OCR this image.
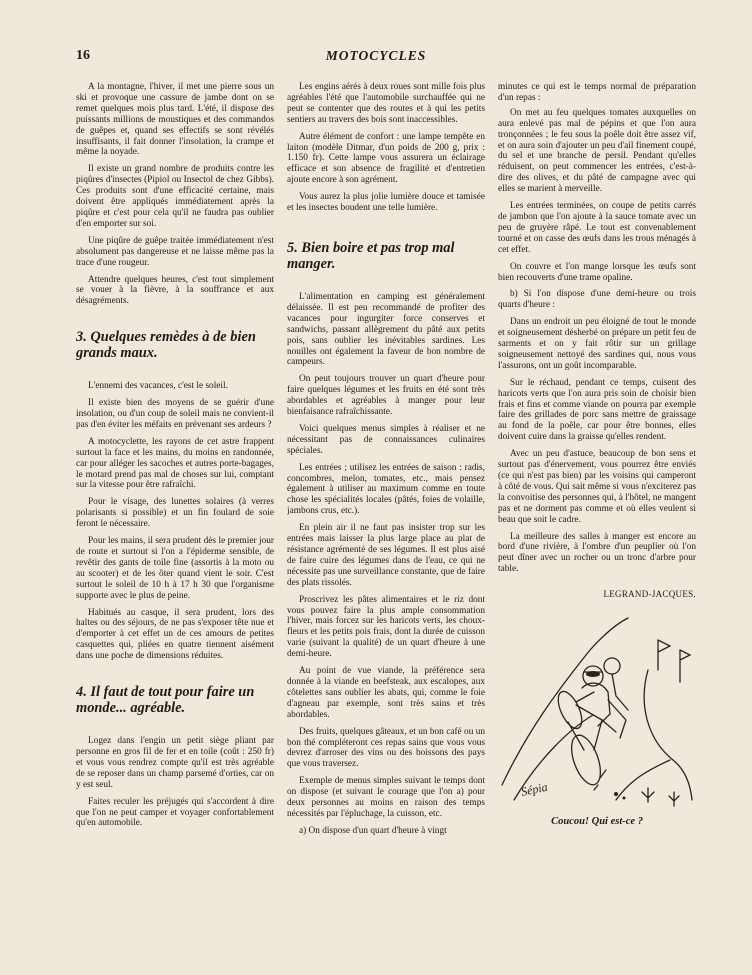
16	MOTOCYCLES

A la montagne, l'hiver, il met une pierre sous un ski et provoque une cassure de jambe dont on se remet quelques mois plus tard. L'été, il dispose des puissants millions de moustiques et des commandos de guêpes et, quand ses effectifs se sont révélés insuffisants, il fait donner l'insolation, la crampe et même la noyade.

Il existe un grand nombre de produits contre les piqûres d'insectes (Pipiol ou Insectol de chez Gibbs). Ces produits sont d'une efficacité certaine, mais doivent être appliqués immédiatement après la piqûre et c'est pour cela qu'il ne faudra pas oublier d'en emporter sur soi.

Une piqûre de guêpe traitée immédiatement n'est absolument pas dangereuse et ne laisse même pas la trace d'une rougeur.

Attendre quelques heures, c'est tout simplement se vouer à la fièvre, à la souffrance et aux désagréments.

3. Quelques remèdes à de bien grands maux.

L'ennemi des vacances, c'est le soleil.

Il existe bien des moyens de se guérir d'une insolation, ou d'un coup de soleil mais ne convient-il pas d'en éviter les méfaits en prévenant ses ardeurs ?

A motocyclette, les rayons de cet astre frappent surtout la face et les mains, du moins en randonnée, car pour alléger les sacoches et autres porte-bagages, le motard prend pas mal de choses sur lui, comptant sur la vitesse pour être rafraîchi.

Pour le visage, des lunettes solaires (à verres polarisants si possible) et un fin foulard de soie feront le nécessaire.

Pour les mains, il sera prudent dès le premier jour de route et surtout si l'on a l'épiderme sensible, de revêtir des gants de toile fine (assortis à la moto ou au scooter) et de les ôter quand vient le soir. C'est surtout le soleil de 10 h à 17 h 30 que l'organisme supporte avec le plus de peine.

Habitués au casque, il sera prudent, lors des haltes ou des séjours, de ne pas s'exposer tête nue et d'emporter à cet effet un de ces amours de petites casquettes qui, pliées en quatre tiennent aisément dans une poche de dimensions réduites.

4. Il faut de tout pour faire un monde... agréable.

Logez dans l'engin un petit siège pliant par personne en gros fil de fer et en toile (coût : 250 fr) et vous vous rendrez compte qu'il est très agréable de se reposer dans un champ parsemé d'orties, car on y est seul.

Faites reculer les préjugés qui s'accordent à dire que l'on ne peut camper et voyager confortablement qu'en automobile.

Les engins aérés à deux roues sont mille fois plus agréables l'été que l'automobile surchauffée qui ne peut se contenter que des routes et à qui les petits sentiers au travers des bois sont inaccessibles.

Autre élément de confort : une lampe tempête en laiton (modèle Ditmar, d'un poids de 200 g, prix : 1.150 fr). Cette lampe vous assurera un éclairage efficace et son absence de fragilité et d'entretien ajoute encore à son agrément.

Vous aurez la plus jolie lumière douce et tamisée et les insectes boudent une telle lumière.

5. Bien boire et pas trop mal manger.

L'alimentation en camping est généralement délaissée. Il est peu recommandé de profiter des vacances pour ingurgiter force conserves et sandwichs, passant allègrement du pâté aux petits pois, sans oublier les inévitables sardines. Les nouilles ont également la faveur de bon nombre de campeurs.

On peut toujours trouver un quart d'heure pour faire quelques légumes et les fruits en été sont très abordables et agréables à manger pour leur bienfaisance rafraîchissante.

Voici quelques menus simples à réaliser et ne nécessitant pas de connaissances culinaires spéciales.

Les entrées ; utilisez les entrées de saison : radis, concombres, melon, tomates, etc., mais pensez également à utiliser au maximum comme en toute chose les spécialités locales (pâtés, foies de volaille, jambons crus, etc.).

En plein air il ne faut pas insister trop sur les entrées mais laisser la plus large place au plat de résistance agrémenté de ses légumes. Il est plus aisé de faire cuire des légumes dans de l'eau, ce qui ne nécessite pas une surveillance constante, que de faire des plats rissolés.

Proscrivez les pâtes alimentaires et le riz dont vous pouvez faire la plus ample consommation l'hiver, mais forcez sur les haricots verts, les choux-fleurs et les petits pois frais, dont la durée de cuisson varie (suivant la qualité) de un quart d'heure à une demi-heure.

Au point de vue viande, la préférence sera donnée à la viande en beefsteak, aux escalopes, aux côtelettes sans oublier les abats, qui, comme le foie d'agneau par exemple, sont très sains et très abordables.

Des fruits, quelques gâteaux, et un bon café ou un bon thé compléteront ces repas sains que vous vous devrez d'arroser des vins ou des boissons des pays que vous traversez.

Exemple de menus simples suivant le temps dont on dispose (et suivant le courage que l'on a) pour deux personnes au moins en raison des temps nécessités par l'épluchage, la cuisson, etc.

a) On dispose d'un quart d'heure à vingt

minutes ce qui est le temps normal de préparation d'un repas :

On met au feu quelques tomates auxquelles on aura enlevé pas mal de pépins et que l'on aura tronçonnées ; le feu sous la poêle doit être assez vif, et on aura soin d'ajouter un peu d'ail finement coupé, du sel et une branche de persil. Pendant qu'elles réduisent, on peut commencer les entrées, c'est-à-dire des olives, et du pâté de campagne avec qui elles se marient à merveille.

Les entrées terminées, on coupe de petits carrés de jambon que l'on ajoute à la sauce tomate avec un peu de gruyère râpé. Le tout est convenablement tourné et on casse des œufs dans les trous ménagés à cet effet.

On couvre et l'on mange lorsque les œufs sont bien recouverts d'une trame opaline.

b) Si l'on dispose d'une demi-heure ou trois quarts d'heure :

Dans un endroit un peu éloigné de tout le monde et soigneusement désherbé on prépare un petit feu de sarments et on y fait rôtir sur un grillage soigneusement nettoyé des sardines qui, nous vous l'assurons, ont un goût incomparable.

Sur le réchaud, pendant ce temps, cuisent des haricots verts que l'on aura pris soin de choisir bien frais et fins et comme viande on pourra par exemple faire des grillades de porc sans mettre de graissage au fond de la poêle, car pour être bonnes, elles doivent cuire dans la graisse qu'elles rendent.

Avec un peu d'astuce, beaucoup de bon sens et surtout pas d'énervement, vous pourrez être enviés (ce qui n'est pas bien) par les voisins qui camperont à côté de vous. Qui sait même si vous n'exciterez pas la convoitise des personnes qui, à l'hôtel, ne mangent pas et ne dorment pas comme et où elles veulent si beau que soit le cadre.

La meilleure des salles à manger est encore au bord d'une rivière, à l'ombre d'un peuplier où l'on peut dîner avec un rocher ou un tronc d'arbre pour table.

LEGRAND-JACQUES.
Sépia
Coucou! Qui est-ce ?
